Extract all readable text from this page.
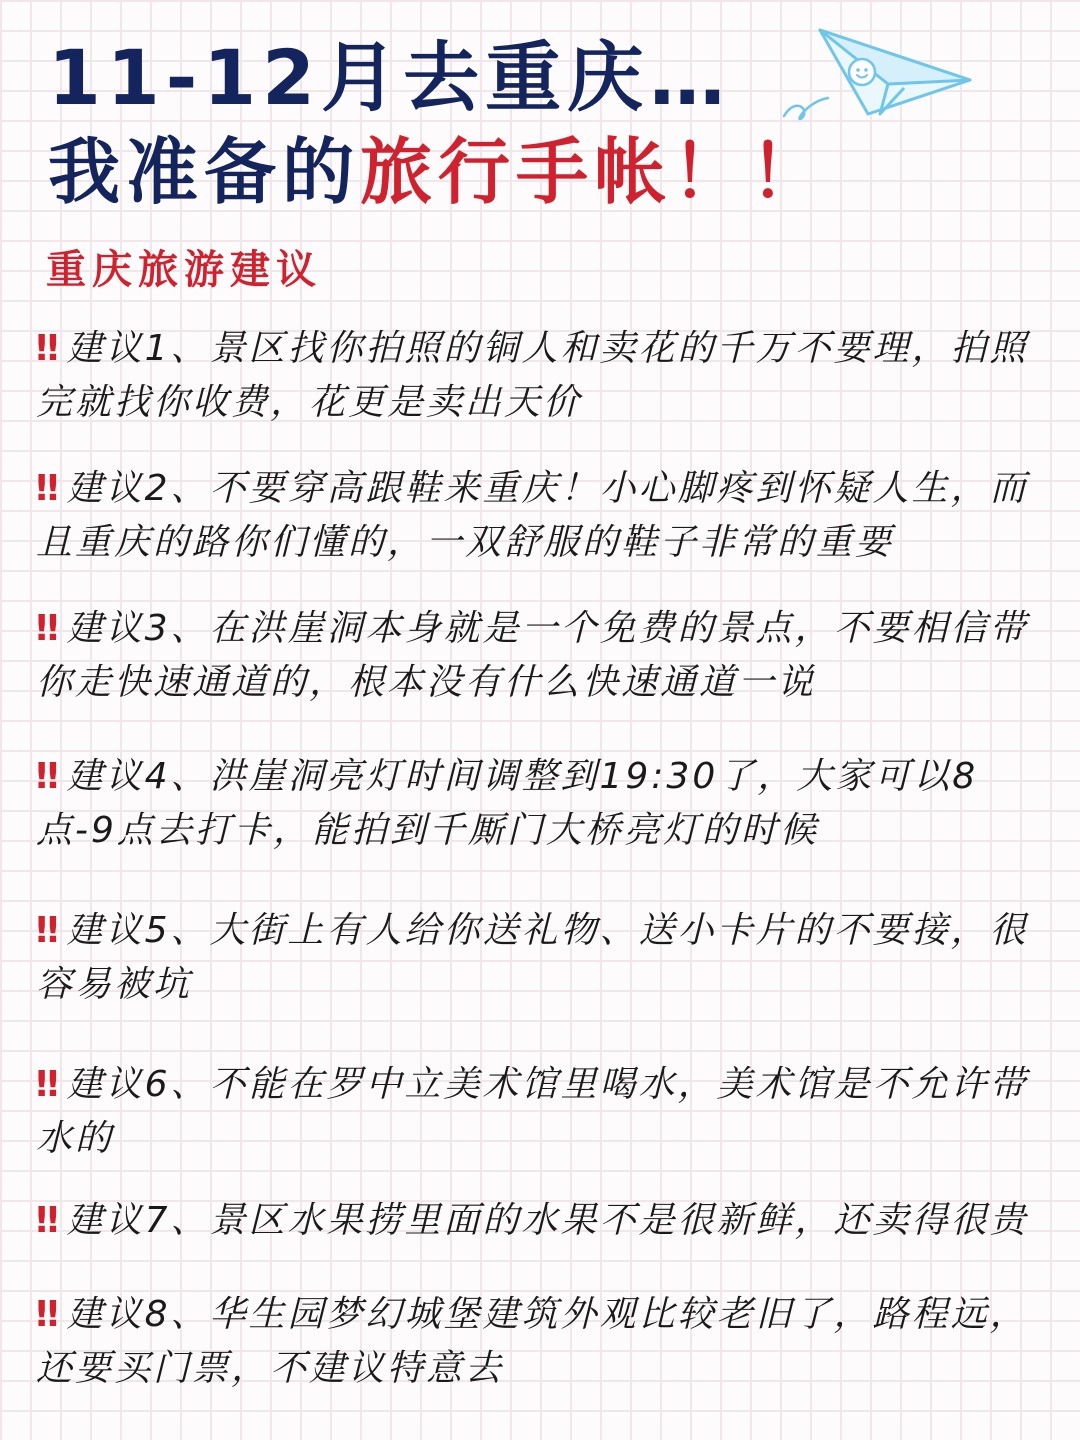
11-12月去重庆…
我准备的旅行手帐！！
重庆旅游建议
‼ 建议1、景区找你拍照的铜人和卖花的千万不要理，拍照完就找你收费，花更是卖出天价
‼ 建议2、不要穿高跟鞋来重庆！小心脚疼到怀疑人生，而且重庆的路你们懂的，一双舒服的鞋子非常的重要
‼ 建议3、在洪崖洞本身就是一个免费的景点，不要相信带你走快速通道的，根本没有什么快速通道一说
‼ 建议4、洪崖洞亮灯时间调整到19:30了，大家可以8点-9点去打卡，能拍到千厮门大桥亮灯的时候
‼ 建议5、大街上有人给你送礼物、送小卡片的不要接，很容易被坑
‼ 建议6、不能在罗中立美术馆里喝水，美术馆是不允许带水的
‼ 建议7、景区水果捞里面的水果不是很新鲜，还卖得很贵
‼ 建议8、华生园梦幻城堡建筑外观比较老旧了，路程远，还要买门票，不建议特意去
